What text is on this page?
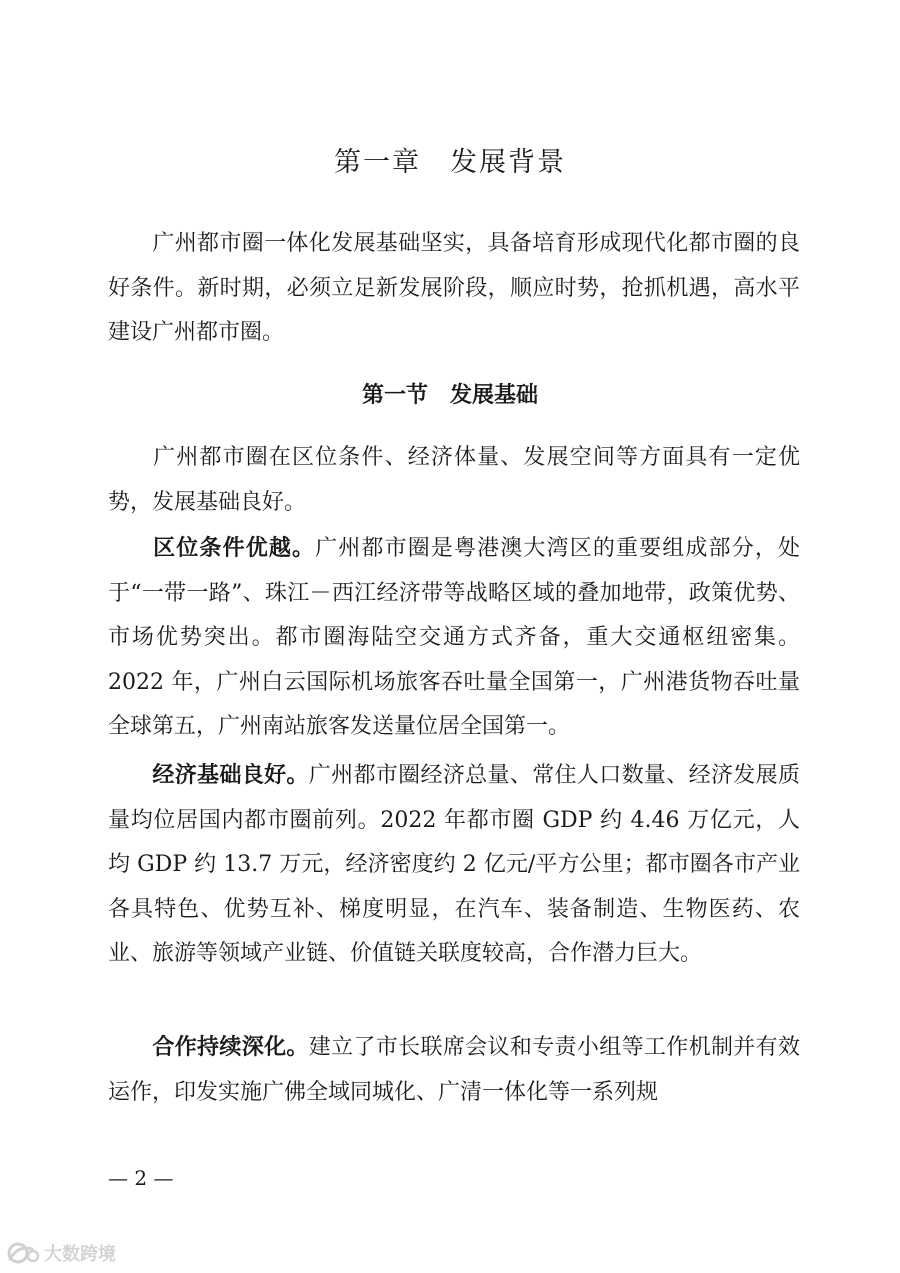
第一章　发展背景

广州都市圈一体化发展基础坚实，具备培育形成现代化都市圈的良好条件。新时期，必须立足新发展阶段，顺应时势，抢抓机遇，高水平建设广州都市圈。

第一节　发展基础

广州都市圈在区位条件、经济体量、发展空间等方面具有一定优势，发展基础良好。

区位条件优越。广州都市圈是粤港澳大湾区的重要组成部分，处于“一带一路”、珠江－西江经济带等战略区域的叠加地带，政策优势、市场优势突出。都市圈海陆空交通方式齐备，重大交通枢纽密集。2022 年，广州白云国际机场旅客吞吐量全国第一，广州港货物吞吐量全球第五，广州南站旅客发送量位居全国第一。

经济基础良好。广州都市圈经济总量、常住人口数量、经济发展质量均位居国内都市圈前列。2022 年都市圈 GDP 约 4.46 万亿元，人均 GDP 约 13.7 万元，经济密度约 2 亿元/平方公里；都市圈各市产业各具特色、优势互补、梯度明显，在汽车、装备制造、生物医药、农业、旅游等领域产业链、价值链关联度较高，合作潜力巨大。

合作持续深化。建立了市长联席会议和专责小组等工作机制并有效运作，印发实施广佛全域同城化、广清一体化等一系列规

— 2 —
大数跨境
